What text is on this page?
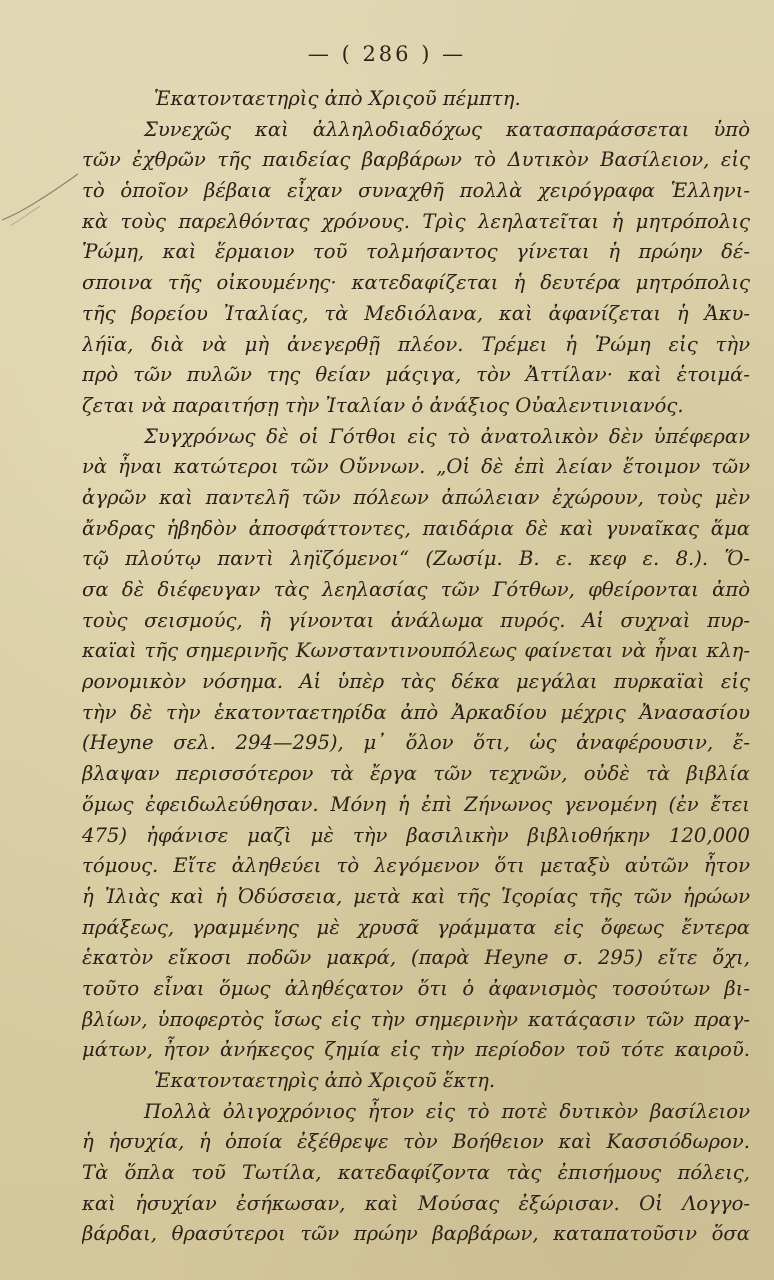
— ( 286 ) —
Ἑκατονταετηρὶς ἀπὸ Χριςοῦ πέμπτη.
Συνεχῶς καὶ ἀλληλοδιαδόχως κατασπαράσσεται ὑπὸ
τῶν ἐχθρῶν τῆς παιδείας βαρβάρων τὸ Δυτικὸν Βασίλειον, εἰς
τὸ ὁποῖον βέβαια εἶχαν συναχθῆ πολλὰ χειρόγραφα Ἑλληνι-
κὰ τοὺς παρελθόντας χρόνους. Τρὶς λεηλατεῖται ἡ μητρόπολις
Ῥώμη, καὶ ἕρμαιον τοῦ τολμήσαντος γίνεται ἡ πρώην δέ-
σποινα τῆς οἰκουμένης· κατεδαφίζεται ἡ δευτέρα μητρόπολις
τῆς βορείου Ἰταλίας, τὰ Μεδιόλανα, καὶ ἀφανίζεται ἡ Ἀκυ-
λήϊα, διὰ νὰ μὴ ἀνεγερθῇ πλέον. Τρέμει ἡ Ῥώμη εἰς τὴν
πρὸ τῶν πυλῶν της θείαν μάςιγα, τὸν Ἀττίλαν· καὶ ἑτοιμά-
ζεται νὰ παραιτήσῃ τὴν Ἰταλίαν ὁ ἀνάξιος Οὐαλεντινιανός.
Συγχρόνως δὲ οἱ Γότθοι εἰς τὸ ἀνατολικὸν δὲν ὑπέφεραν
νὰ ἦναι κατώτεροι τῶν Οὔννων. „Οἱ δὲ ἐπὶ λείαν ἕτοιμον τῶν
ἀγρῶν καὶ παντελῆ τῶν πόλεων ἀπώλειαν ἐχώρουν, τοὺς μὲν
ἄνδρας ἡβηδὸν ἀποσφάττοντες, παιδάρια δὲ καὶ γυναῖκας ἅμα
τῷ πλούτῳ παντὶ ληϊζόμενοι“ (Ζωσίμ. Β. ε. κεφ ε. 8.). Ὅ-
σα δὲ διέφευγαν τὰς λεηλασίας τῶν Γότθων, φθείρονται ἀπὸ
τοὺς σεισμούς, ἢ γίνονται ἀνάλωμα πυρός. Αἱ συχναὶ πυρ-
καϊαὶ τῆς σημερινῆς Κωνσταντινουπόλεως φαίνεται νὰ ἦναι κλη-
ρονομικὸν νόσημα. Αἱ ὑπὲρ τὰς δέκα μεγάλαι πυρκαϊαὶ εἰς
τὴν δὲ τὴν ἑκατονταετηρίδα ἀπὸ Ἀρκαδίου μέχρις Ἀνασασίου
(Heyne σελ. 294—295), μ᾽ ὅλον ὅτι, ὡς ἀναφέρουσιν, ἔ-
βλαψαν περισσότερον τὰ ἔργα τῶν τεχνῶν, οὐδὲ τὰ βιβλία
ὅμως ἐφειδωλεύθησαν. Μόνη ἡ ἐπὶ Ζήνωνος γενομένη (ἐν ἔτει
475) ἠφάνισε μαζὶ μὲ τὴν βασιλικὴν βιβλιοθήκην 120,000
τόμους. Εἴτε ἀληθεύει τὸ λεγόμενον ὅτι μεταξὺ αὐτῶν ἦτον
ἡ Ἰλιὰς καὶ ἡ Ὀδύσσεια, μετὰ καὶ τῆς Ἱςορίας τῆς τῶν ἡρώων
πράξεως, γραμμένης μὲ χρυσᾶ γράμματα εἰς ὄφεως ἔντερα
ἑκατὸν εἴκοσι ποδῶν μακρά, (παρὰ Heyne σ. 295) εἴτε ὄχι,
τοῦτο εἶναι ὅμως ἀληθέςατον ὅτι ὁ ἀφανισμὸς τοσούτων βι-
βλίων, ὑποφερτὸς ἴσως εἰς τὴν σημερινὴν κατάςασιν τῶν πραγ-
μάτων, ἦτον ἀνήκεςος ζημία εἰς τὴν περίοδον τοῦ τότε καιροῦ.
Ἑκατονταετηρὶς ἀπὸ Χριςοῦ ἕκτη.
Πολλὰ ὀλιγοχρόνιος ἦτον εἰς τὸ ποτὲ δυτικὸν βασίλειον
ἡ ἡσυχία, ἡ ὁποία ἐξέθρεψε τὸν Βοήθειον καὶ Κασσιόδωρον.
Τὰ ὅπλα τοῦ Τωτίλα, κατεδαφίζοντα τὰς ἐπισήμους πόλεις,
καὶ ἡσυχίαν ἐσήκωσαν, καὶ Μούσας ἐξώρισαν. Οἱ Λογγο-
βάρδαι, θρασύτεροι τῶν πρώην βαρβάρων, καταπατοῦσιν ὅσα
